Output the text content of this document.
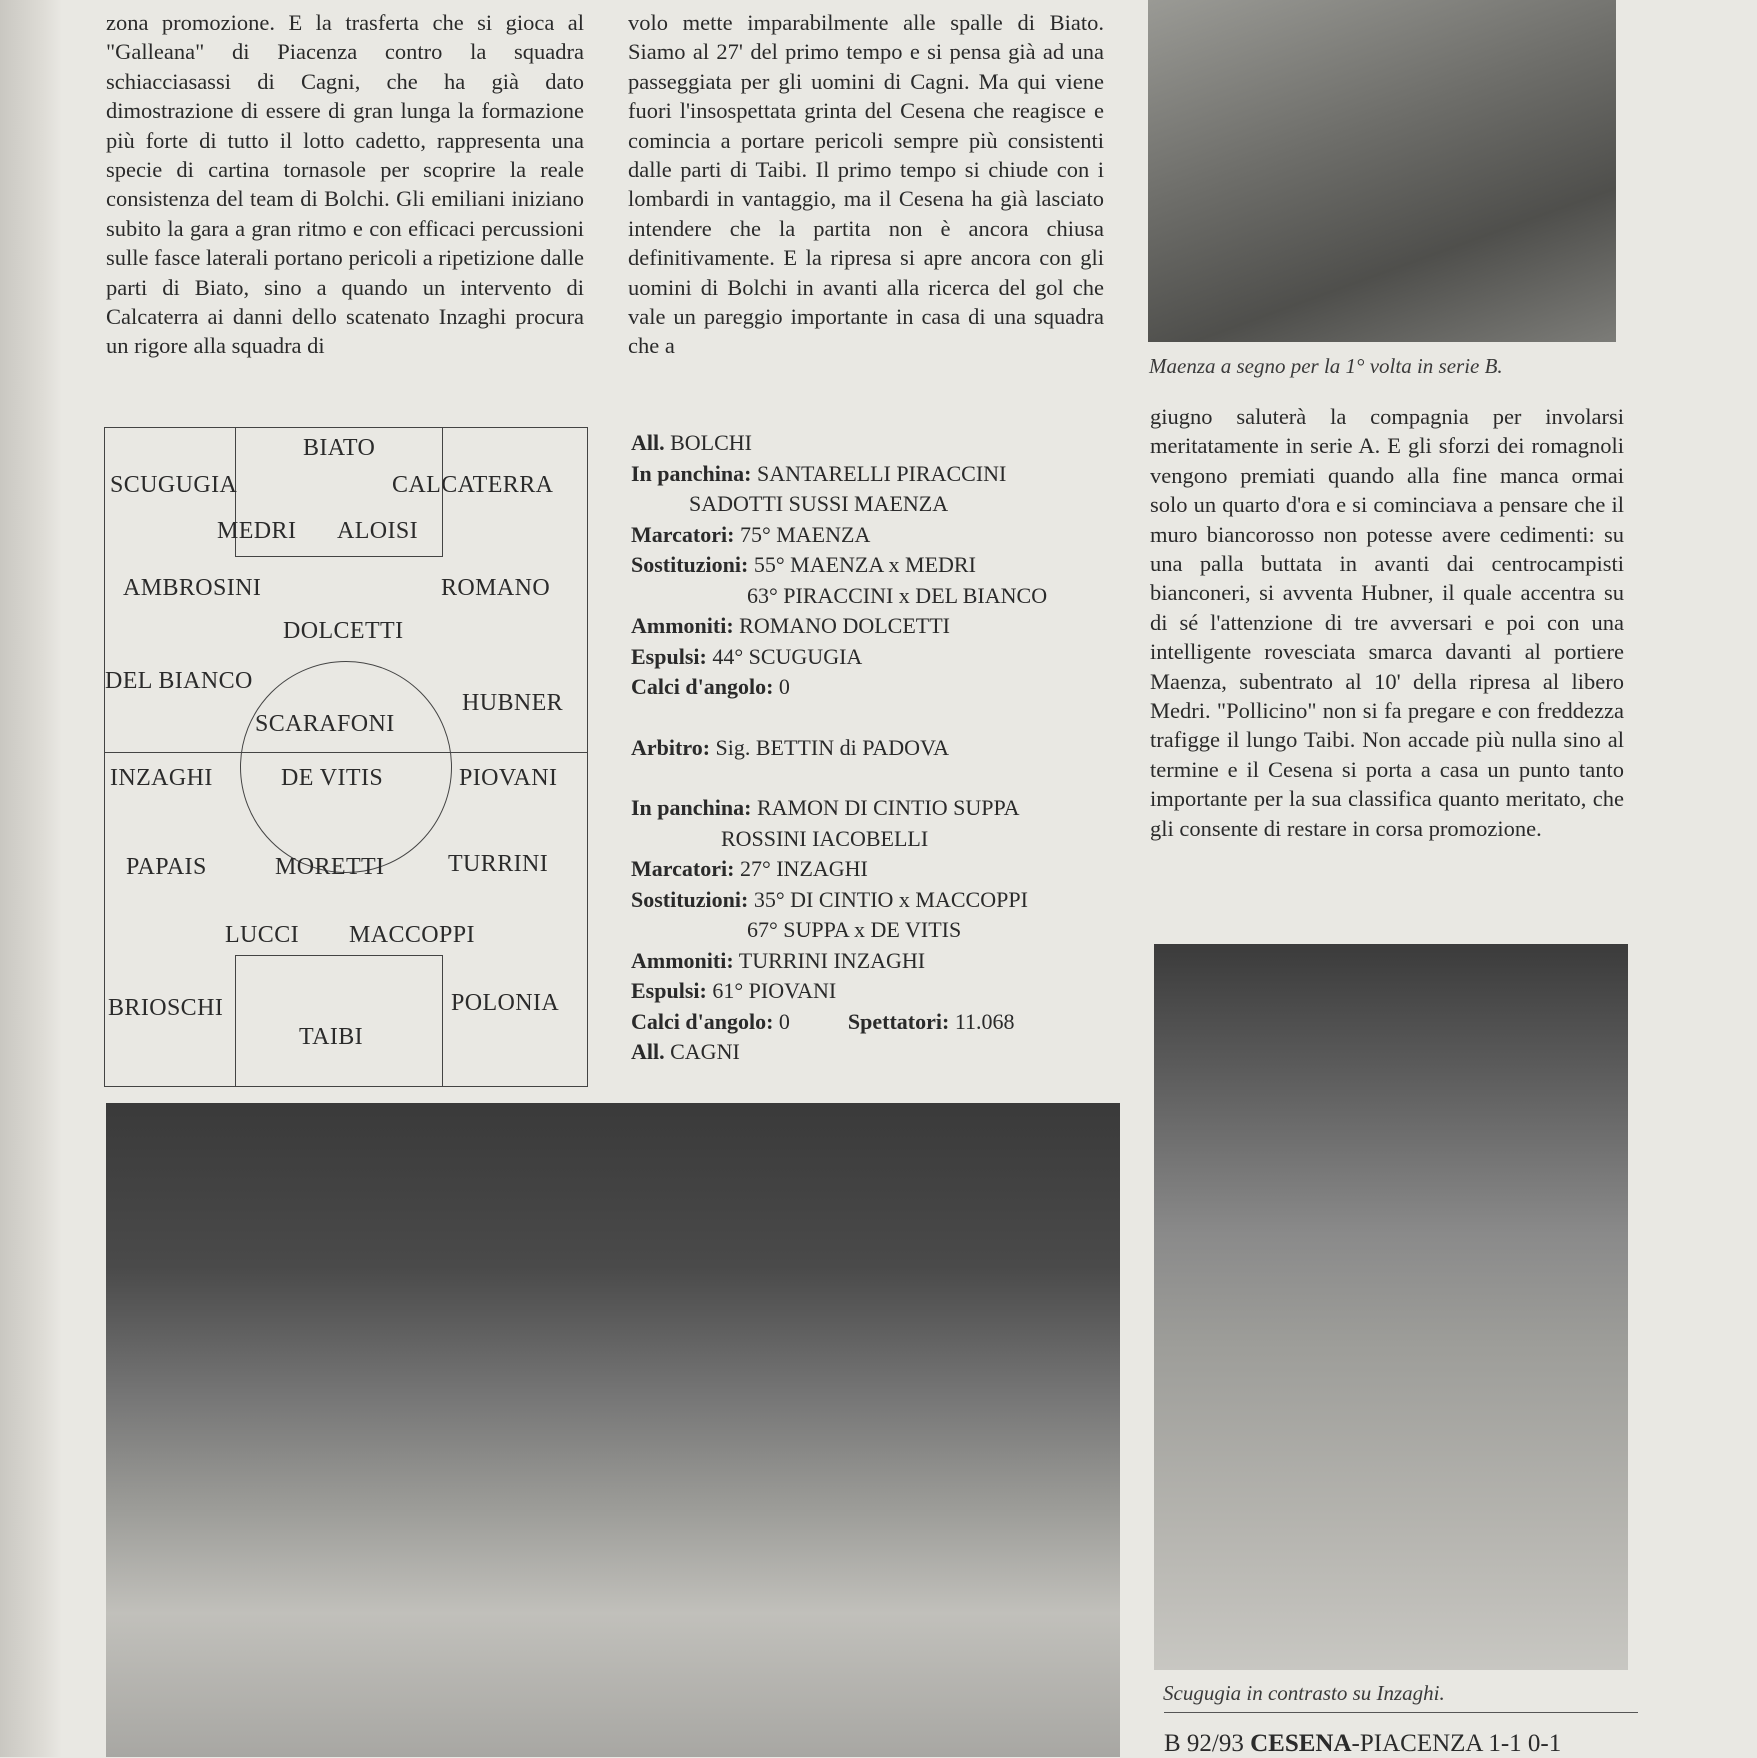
zona promozione. E la trasferta che si gioca al "Galleana" di Piacenza contro la squadra schiacciasassi di Cagni, che ha già dato dimostrazione di essere di gran lunga la formazione più forte di tutto il lotto cadetto, rappresenta una specie di cartina tornasole per scoprire la reale consistenza del team di Bolchi. Gli emiliani iniziano subito la gara a gran ritmo e con efficaci percussioni sulle fasce laterali portano pericoli a ripetizione dalle parti di Biato, sino a quando un intervento di Calcaterra ai danni dello scatenato Inzaghi procura un rigore alla squadra di

volo mette imparabilmente alle spalle di Biato. Siamo al 27' del primo tempo e si pensa già ad una passeggiata per gli uomini di Cagni. Ma qui viene fuori l'insospettata grinta del Cesena che reagisce e comincia a portare pericoli sempre più consistenti dalle parti di Taibi. Il primo tempo si chiude con i lombardi in vantaggio, ma il Cesena ha già lasciato intendere che la partita non è ancora chiusa definitivamente. E la ripresa si apre ancora con gli uomini di Bolchi in avanti alla ricerca del gol che vale un pareggio importante in casa di una squadra che a

Maenza a segno per la 1° volta in serie B.

giugno saluterà la compagnia per involarsi meritatamente in serie A. E gli sforzi dei romagnoli vengono premiati quando alla fine manca ormai solo un quarto d'ora e si cominciava a pensare che il muro biancorosso non potesse avere cedimenti: su una palla buttata in avanti dai centrocampisti bianconeri, si avventa Hubner, il quale accentra su di sé l'attenzione di tre avversari e poi con una intelligente rovesciata smarca davanti al portiere Maenza, subentrato al 10' della ripresa al libero Medri. "Pollicino" non si fa pregare e con freddezza trafigge il lungo Taibi. Non accade più nulla sino al termine e il Cesena si porta a casa un punto tanto importante per la sua classifica quanto meritato, che gli consente di restare in corsa promozione.

BIATO
SCUGUGIA	CALCATERRA
MEDRI ALOISI
AMBROSINI	ROMANO
DOLCETTI
DEL BIANCO
HUBNER
SCARAFONI
INZAGHI	DE VITIS	PIOVANI
PAPAIS	MORETTI	TURRINI
LUCCI MACCOPPI
BRIOSCHI
TAIBI
POLONIA
All. BOLCHI
In panchina: SANTARELLI PIRACCINI
SADOTTI SUSSI MAENZA
Marcatori: 75° MAENZA
Sostituzioni: 55° MAENZA x MEDRI
63° PIRACCINI x DEL BIANCO
Ammoniti: ROMANO DOLCETTI
Espulsi: 44° SCUGUGIA
Calci d'angolo: 0
Arbitro: Sig. BETTIN di PADOVA
In panchina: RAMON DI CINTIO SUPPA
ROSSINI IACOBELLI
Marcatori: 27° INZAGHI
Sostituzioni: 35° DI CINTIO x MACCOPPI
67° SUPPA x DE VITIS
Ammoniti: TURRINI INZAGHI
Espulsi: 61° PIOVANI
Calci d'angolo: 0	Spettatori: 11.068
All. CAGNI
Scugugia in contrasto su Inzaghi.
B 92/93 CESENA-PIACENZA 1-1 0-1
